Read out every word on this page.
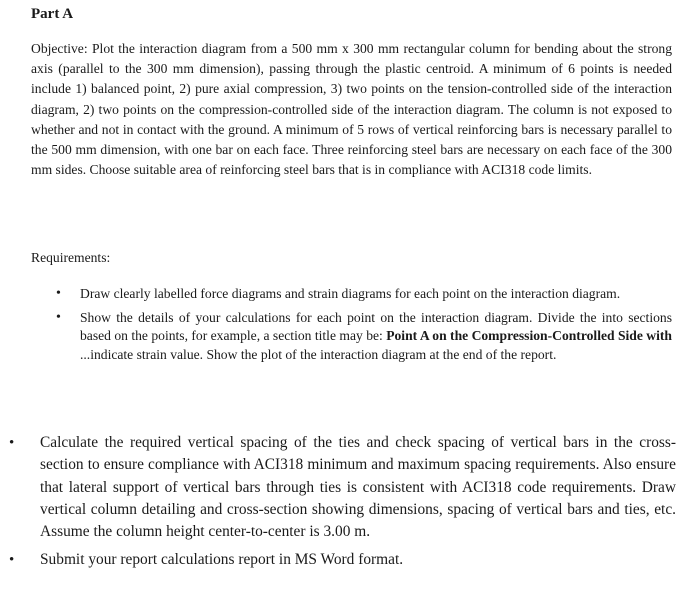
Part A

Objective: Plot the interaction diagram from a 500 mm x 300 mm rectangular column for bending about the strong axis (parallel to the 300 mm dimension), passing through the plastic centroid. A minimum of 6 points is needed include 1) balanced point, 2) pure axial compression, 3) two points on the tension-controlled side of the interaction diagram, 2) two points on the compression-controlled side of the interaction diagram. The column is not exposed to whether and not in contact with the ground. A minimum of 5 rows of vertical reinforcing bars is necessary parallel to the 500 mm dimension, with one bar on each face. Three reinforcing steel bars are necessary on each face of the 300 mm sides. Choose suitable area of reinforcing steel bars that is in compliance with ACI318 code limits.

Requirements:
• Draw clearly labelled force diagrams and strain diagrams for each point on the interaction diagram.
• Show the details of your calculations for each point on the interaction diagram. Divide the into sections based on the points, for example, a section title may be: Point A on the Compression-Controlled Side with ...indicate strain value. Show the plot of the interaction diagram at the end of the report.
• Calculate the required vertical spacing of the ties and check spacing of vertical bars in the cross-section to ensure compliance with ACI318 minimum and maximum spacing requirements. Also ensure that lateral support of vertical bars through ties is consistent with ACI318 code requirements. Draw vertical column detailing and cross-section showing dimensions, spacing of vertical bars and ties, etc. Assume the column height center-to-center is 3.00 m.
• Submit your report calculations report in MS Word format.
